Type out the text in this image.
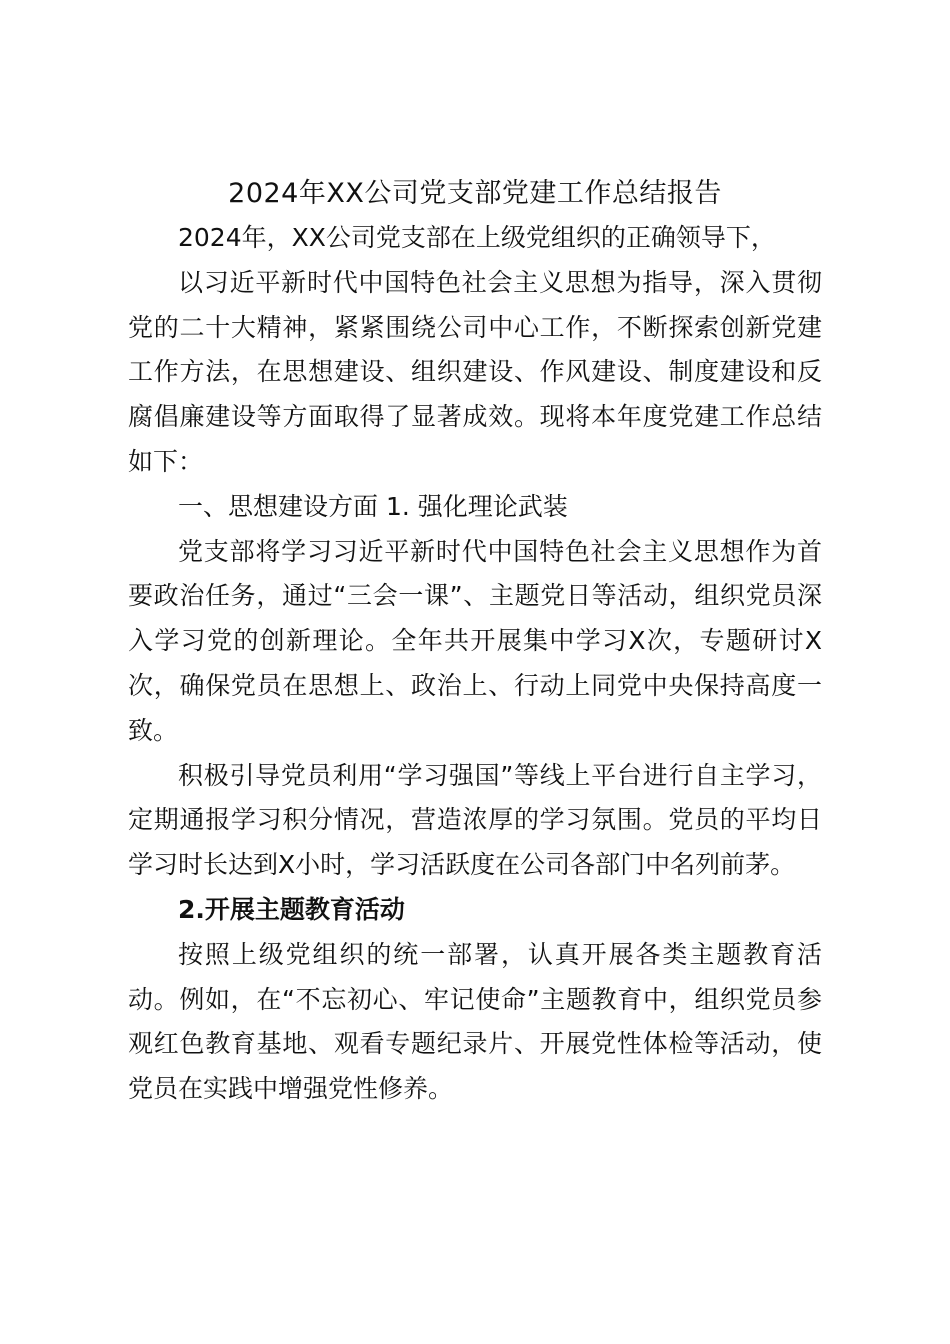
2024年XX公司党支部党建工作总结报告

2024年，XX公司党支部在上级党组织的正确领导下，

以习近平新时代中国特色社会主义思想为指导，深入贯彻党的二十大精神，紧紧围绕公司中心工作，不断探索创新党建工作方法，在思想建设、组织建设、作风建设、制度建设和反腐倡廉建设等方面取得了显著成效。现将本年度党建工作总结如下：

一、思想建设方面 1. 强化理论武装

党支部将学习习近平新时代中国特色社会主义思想作为首要政治任务，通过“三会一课”、主题党日等活动，组织党员深入学习党的创新理论。全年共开展集中学习X次，专题研讨X次，确保党员在思想上、政治上、行动上同党中央保持高度一致。

积极引导党员利用“学习强国”等线上平台进行自主学习，定期通报学习积分情况，营造浓厚的学习氛围。党员的平均日学习时长达到X小时，学习活跃度在公司各部门中名列前茅。

2.开展主题教育活动

按照上级党组织的统一部署，认真开展各类主题教育活动。例如，在“不忘初心、牢记使命”主题教育中，组织党员参观红色教育基地、观看专题纪录片、开展党性体检等活动，使党员在实践中增强党性修养。
